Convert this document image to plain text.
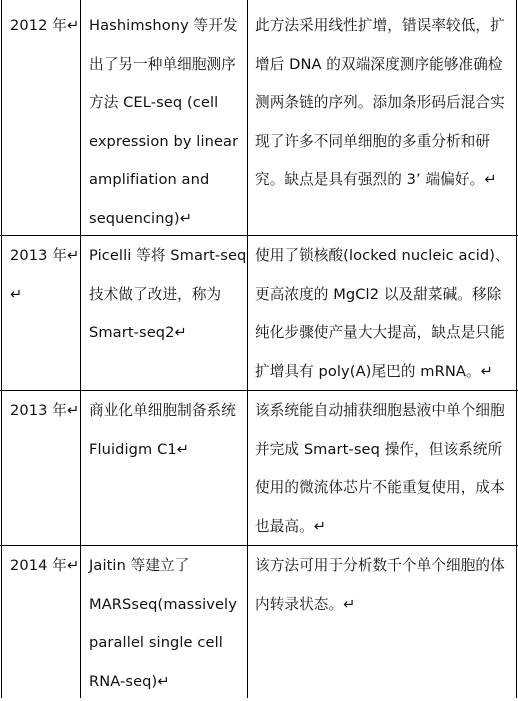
2012 年↵ Hashimshony 等开发
出了另一种单细胞测序
方法 CEL-seq (cell
expression by linear
amplifiation and
sequencing)↵
此方法采用线性扩增，错误率较低，扩
增后 DNA 的双端深度测序能够准确检
测两条链的序列。添加条形码后混合实
现了许多不同单细胞的多重分析和研
究。缺点是具有强烈的 3’ 端偏好。↵
2013 年↵
↵
Picelli 等将 Smart-seq
技术做了改进，称为
Smart-seq2↵
使用了锁核酸(locked nucleic acid)、
更高浓度的 MgCl2 以及甜菜碱。移除
纯化步骤使产量大大提高，缺点是只能
扩增具有 poly(A)尾巴的 mRNA。↵
2013 年↵ 商业化单细胞制备系统
Fluidigm C1↵
该系统能自动捕获细胞悬液中单个细胞
并完成 Smart-seq 操作，但该系统所
使用的微流体芯片不能重复使用，成本
也最高。↵
2014 年↵ Jaitin 等建立了
MARSseq(massively
parallel single cell
RNA-seq)↵
该方法可用于分析数千个单个细胞的体
内转录状态。↵
